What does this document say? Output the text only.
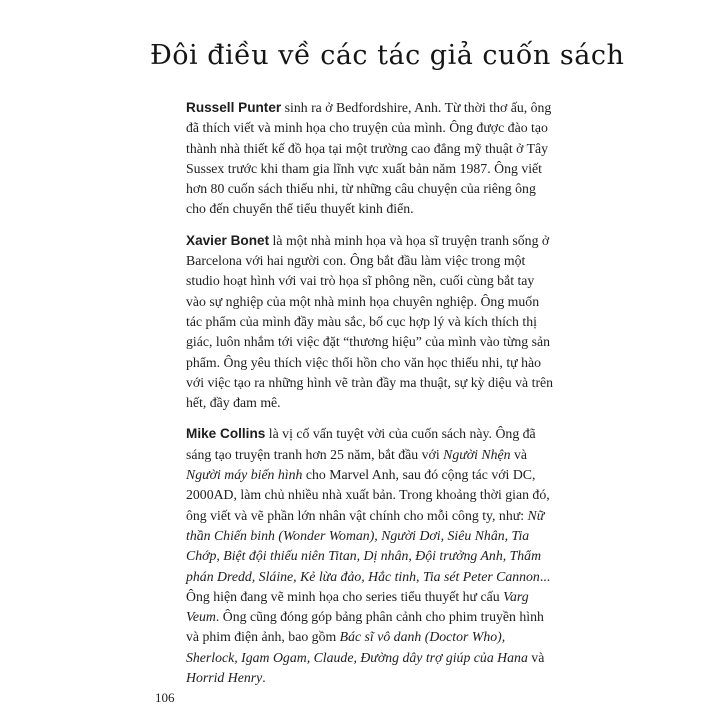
Đôi điều về các tác giả cuốn sách

Russell Punter sinh ra ở Bedfordshire, Anh. Từ thời thơ ấu, ông đã thích viết và minh họa cho truyện của mình. Ông được đào tạo thành nhà thiết kế đồ họa tại một trường cao đẳng mỹ thuật ở Tây Sussex trước khi tham gia lĩnh vực xuất bản năm 1987. Ông viết hơn 80 cuốn sách thiếu nhi, từ những câu chuyện của riêng ông cho đến chuyển thể tiểu thuyết kinh điển.

Xavier Bonet là một nhà minh họa và họa sĩ truyện tranh sống ở Barcelona với hai người con. Ông bắt đầu làm việc trong một studio hoạt hình với vai trò họa sĩ phông nền, cuối cùng bắt tay vào sự nghiệp của một nhà minh họa chuyên nghiệp. Ông muốn tác phẩm của mình đầy màu sắc, bố cục hợp lý và kích thích thị giác, luôn nhắm tới việc đặt “thương hiệu” của mình vào từng sản phẩm. Ông yêu thích việc thổi hồn cho văn học thiếu nhi, tự hào với việc tạo ra những hình vẽ tràn đầy ma thuật, sự kỳ diệu và trên hết, đầy đam mê.

Mike Collins là vị cố vấn tuyệt vời của cuốn sách này. Ông đã sáng tạo truyện tranh hơn 25 năm, bắt đầu với Người Nhện và Người máy biến hình cho Marvel Anh, sau đó cộng tác với DC, 2000AD, làm chủ nhiều nhà xuất bản. Trong khoảng thời gian đó, ông viết và vẽ phần lớn nhân vật chính cho mỗi công ty, như: Nữ thần Chiến binh (Wonder Woman), Người Dơi, Siêu Nhân, Tia Chớp, Biệt đội thiếu niên Titan, Dị nhân, Đội trưởng Anh, Thẩm phán Dredd, Sláine, Kẻ lừa đảo, Hắc tinh, Tia sét Peter Cannon... Ông hiện đang vẽ minh họa cho series tiểu thuyết hư cấu Varg Veum. Ông cũng đóng góp bảng phân cảnh cho phim truyền hình và phim điện ảnh, bao gồm Bác sĩ vô danh (Doctor Who), Sherlock, Igam Ogam, Claude, Đường dây trợ giúp của Hana và Horrid Henry.

106
